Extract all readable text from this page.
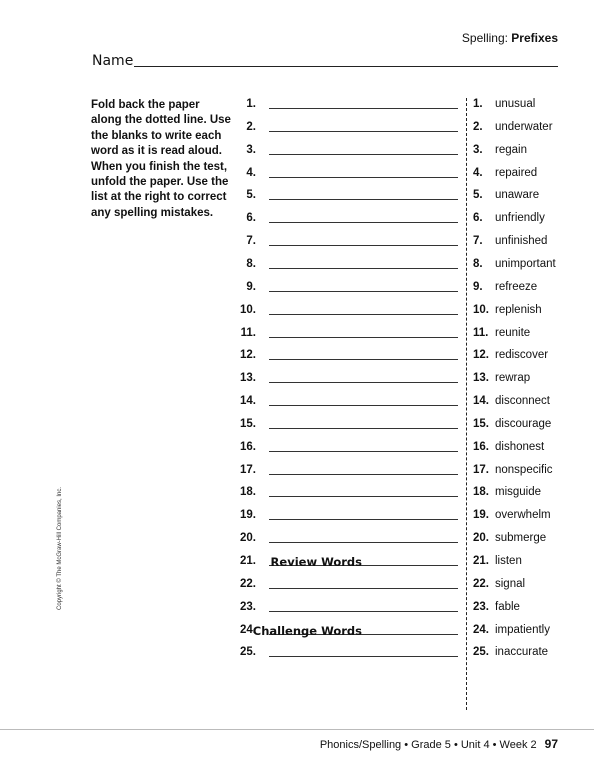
Spelling: Prefixes
Name
Fold back the paper along the dotted line. Use the blanks to write each word as it is read aloud. When you finish the test, unfold the paper. Use the list at the right to correct any spelling mistakes.
1.
2.
3.
4.
5.
6.
7.
8.
9.
10.
11.
12.
13.
14.
15.
16.
17.
18.
19.
20.
21.
22.
23.
24.
25.
Review Words
Challenge Words
1. unusual
2. underwater
3. regain
4. repaired
5. unaware
6. unfriendly
7. unfinished
8. unimportant
9. refreeze
10. replenish
11. reunite
12. rediscover
13. rewrap
14. disconnect
15. discourage
16. dishonest
17. nonspecific
18. misguide
19. overwhelm
20. submerge
21. listen
22. signal
23. fable
24. impatiently
25. inaccurate
Copyright © The McGraw-Hill Companies, Inc.
Phonics/Spelling • Grade 5 • Unit 4 • Week 2 97
